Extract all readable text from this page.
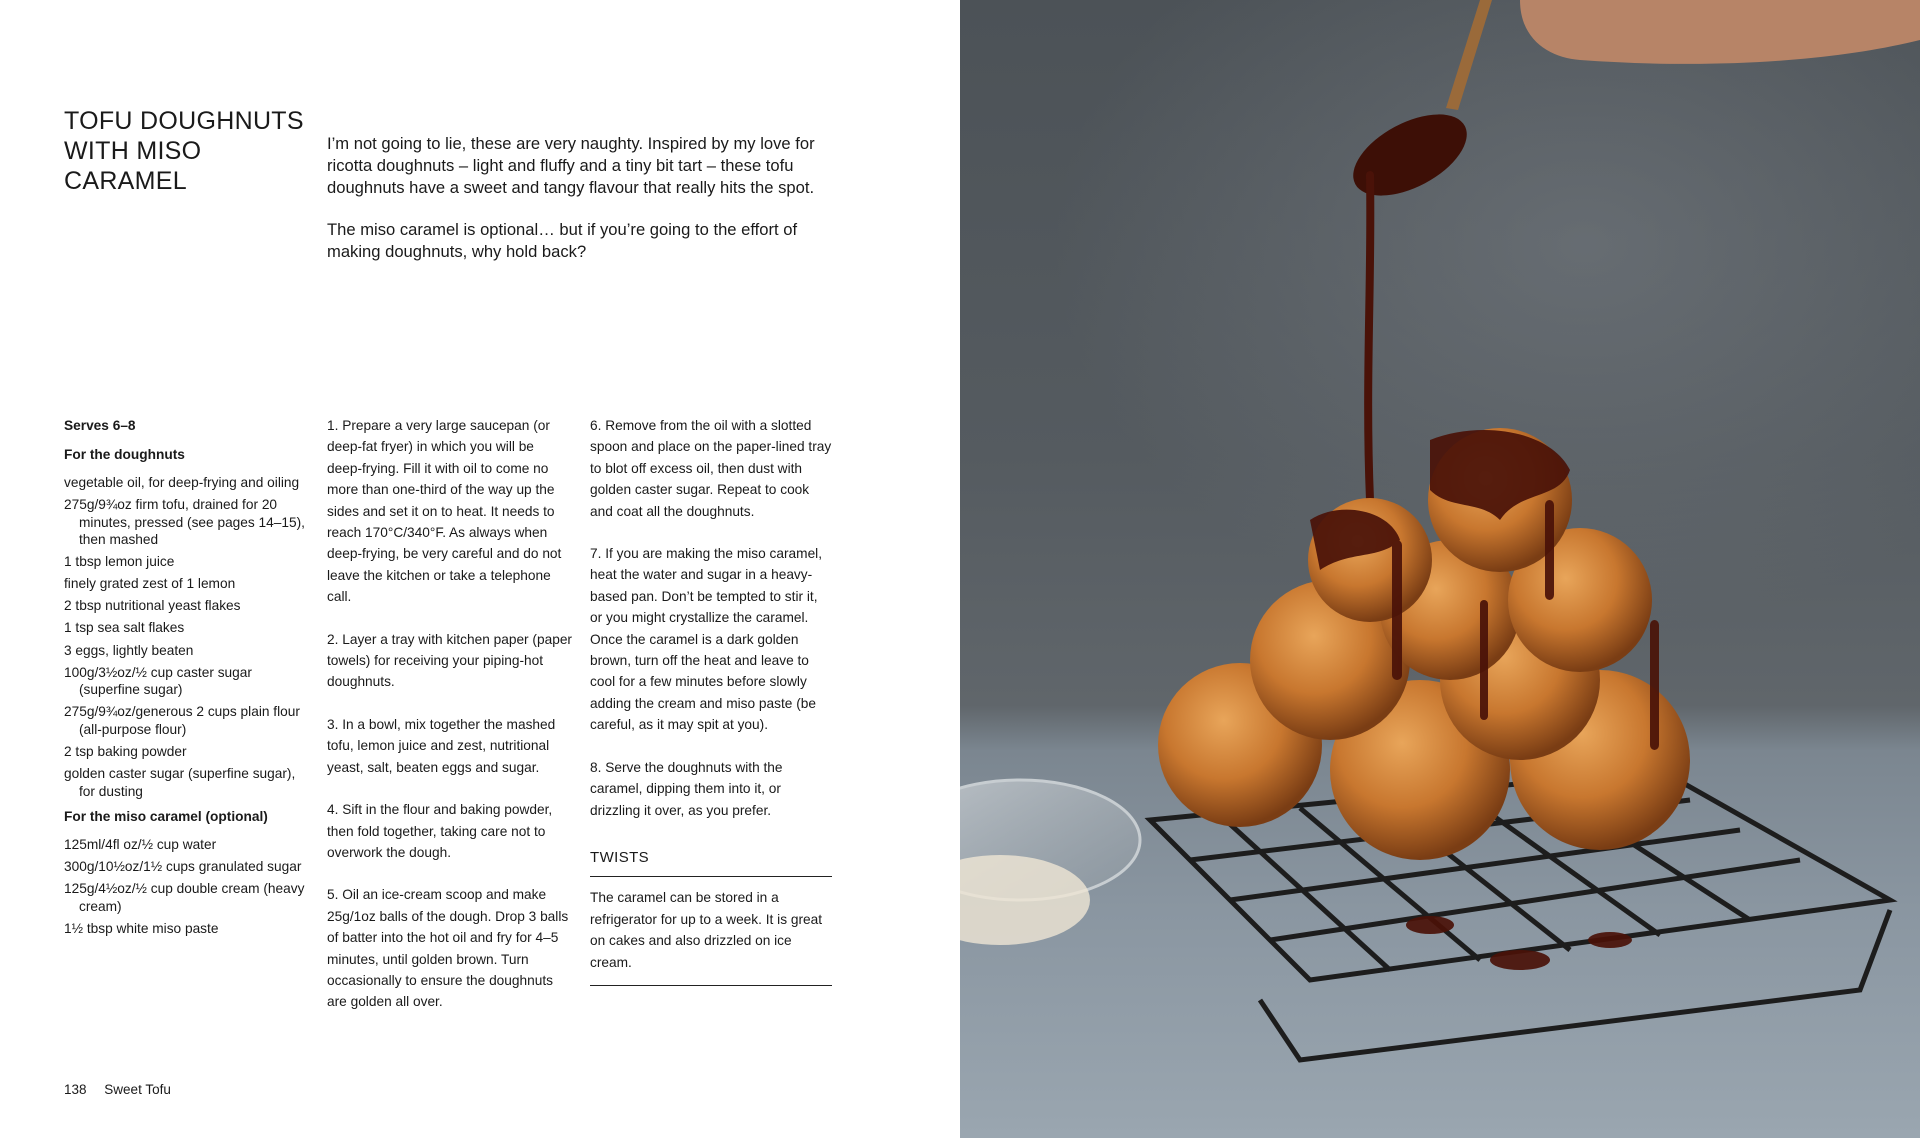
TOFU DOUGHNUTS
WITH MISO
CARAMEL

I’m not going to lie, these are very naughty. Inspired by my love for ricotta doughnuts – light and fluffy and a tiny bit tart – these tofu doughnuts have a sweet and tangy flavour that really hits the spot.

The miso caramel is optional… but if you’re going to the effort of making doughnuts, why hold back?

Serves 6–8
For the doughnuts
vegetable oil, for deep-frying and oiling
275g/9¾oz firm tofu, drained for 20 minutes, pressed (see pages 14–15), then mashed
1 tbsp lemon juice
finely grated zest of 1 lemon
2 tbsp nutritional yeast flakes
1 tsp sea salt flakes
3 eggs, lightly beaten
100g/3½oz/½ cup caster sugar (superfine sugar)
275g/9¾oz/generous 2 cups plain flour (all-purpose flour)
2 tsp baking powder
golden caster sugar (superfine sugar), for dusting
For the miso caramel (optional)
125ml/4fl oz/½ cup water
300g/10½oz/1½ cups granulated sugar
125g/4½oz/½ cup double cream (heavy cream)
1½ tbsp white miso paste

1. Prepare a very large saucepan (or deep-fat fryer) in which you will be deep-frying. Fill it with oil to come no more than one-third of the way up the sides and set it on to heat. It needs to reach 170°C/340°F. As always when deep-frying, be very careful and do not leave the kitchen or take a telephone call.

2. Layer a tray with kitchen paper (paper towels) for receiving your piping-hot doughnuts.

3. In a bowl, mix together the mashed tofu, lemon juice and zest, nutritional yeast, salt, beaten eggs and sugar.

4. Sift in the flour and baking powder, then fold together, taking care not to overwork the dough.

5. Oil an ice-cream scoop and make 25g/1oz balls of the dough. Drop 3 balls of batter into the hot oil and fry for 4–5 minutes, until golden brown. Turn occasionally to ensure the doughnuts are golden all over.

6. Remove from the oil with a slotted spoon and place on the paper-lined tray to blot off excess oil, then dust with golden caster sugar. Repeat to cook and coat all the doughnuts.

7. If you are making the miso caramel, heat the water and sugar in a heavy-based pan. Don’t be tempted to stir it, or you might crystallize the caramel. Once the caramel is a dark golden brown, turn off the heat and leave to cool for a few minutes before slowly adding the cream and miso paste (be careful, as it may spit at you).

8. Serve the doughnuts with the caramel, dipping them into it, or drizzling it over, as you prefer.

TWISTS
The caramel can be stored in a refrigerator for up to a week. It is great on cakes and also drizzled on ice cream.
138 Sweet Tofu
